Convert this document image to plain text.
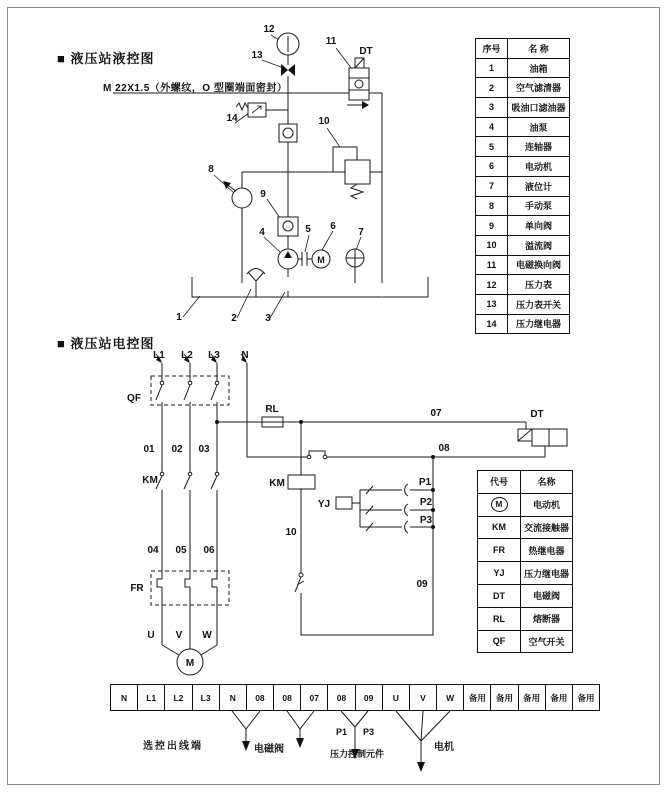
M
1	2	3
4	5 6
7
8
9
10
11
12
13
14
DT
M
L1 L2 L3 N
QF
01 02 03
KM
04 05 06
FR
U V W
RL	07	DT
08
KM
YJ
P1
P2
P3
10
09
■ 液压站液控图
M 22X1.5（外螺纹，O 型圈端面密封）
■ 液压站电控图
序号	名 称
1	油箱
2	空气滤清器
3	吸油口滤油器
4	油泵
5	连轴器
6	电动机
7	液位计
8	手动泵
9	单向阀
10	溢流阀
11	电磁换向阀
12	压力表
13	压力表开关
14	压力继电器
代号	名称
M	电动机
KM	交流接触器
FR	热继电器
YJ	压力继电器
DT	电磁阀
RL	熔断器
QF	空气开关
N	L1	L2	L3	N	08	08	07	08	09	U	V	W	备用	备用	备用	备用	备用
选控出线端	电磁阀
P1 P3
压力控制元件
电机
